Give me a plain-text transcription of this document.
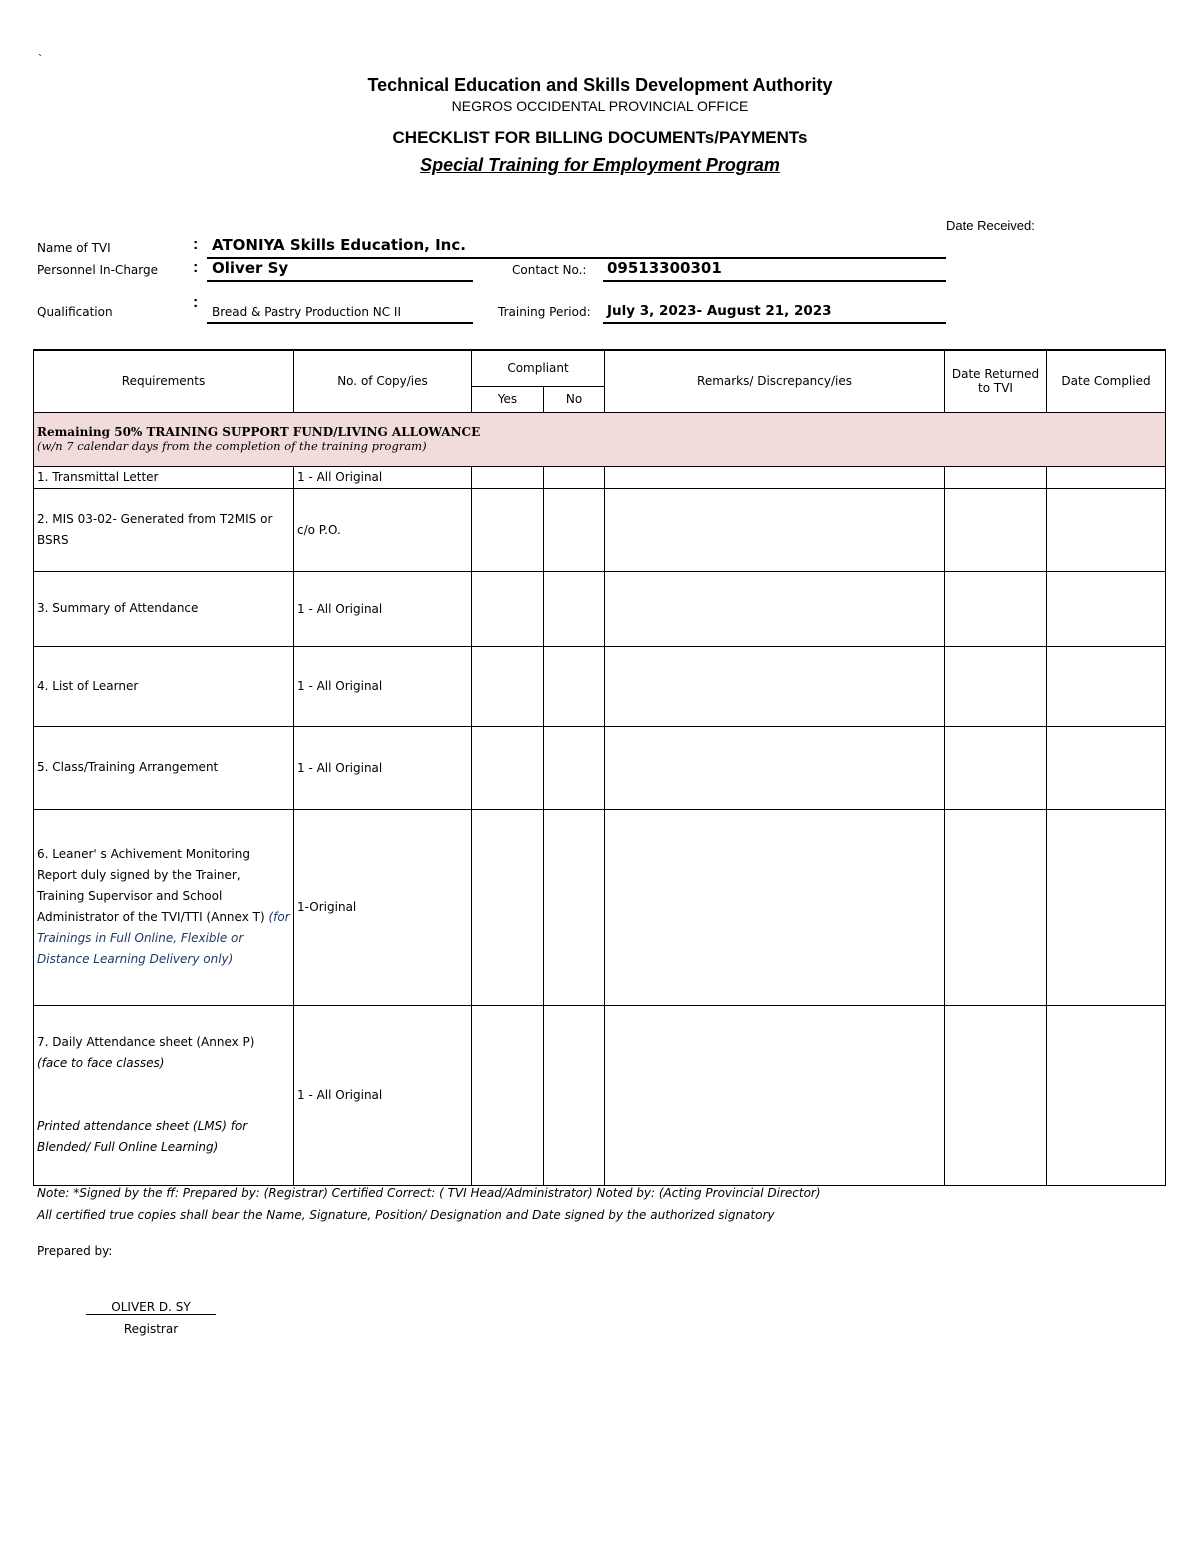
`
Technical Education and Skills Development Authority
NEGROS OCCIDENTAL PROVINCIAL OFFICE
CHECKLIST FOR BILLING DOCUMENTs/PAYMENTs
Special Training for Employment Program
Date Received:
Name of TVI	: ATONIYA Skills Education, Inc.
Personnel In-Charge : Oliver Sy	Contact No.: 09513300301
Qualification
:
Bread & Pastry Production NC II	Training Period: July 3, 2023- August 21, 2023
Requirements	No. of Copy/ies	Compliant		Remarks/ Discrepancy/ies	Date Returned to TVI	Date Complied
		Yes	No			

Remaining 50% TRAINING SUPPORT FUND/LIVING ALLOWANCE
(w/n 7 calendar days from the completion of the training program)						

1. Transmittal Letter	1 - All Original					
2. MIS 03-02- Generated from T2MIS or BSRS	c/o P.O.					
3. Summary of Attendance	1 - All Original					
4. List of Learner	1 - All Original					
5. Class/Training Arrangement	1 - All Original					
6. Leaner' s Achivement Monitoring Report duly signed by the Trainer, Training Supervisor and School Administrator of the TVI/TTI (Annex T) (for Trainings in Full Online, Flexible or Distance Learning Delivery only)	1-Original					

7. Daily Attendance sheet (Annex P)
(face to face classes)
Printed attendance sheet (LMS) for Blended/ Full Online Learning)	1 - All Original					
Note: *Signed by the ff: Prepared by: (Registrar) Certified Correct: ( TVI Head/Administrator) Noted by: (Acting Provincial Director)
All certified true copies shall bear the Name, Signature, Position/ Designation and Date signed by the authorized signatory
Prepared by:
OLIVER D. SY
Registrar
